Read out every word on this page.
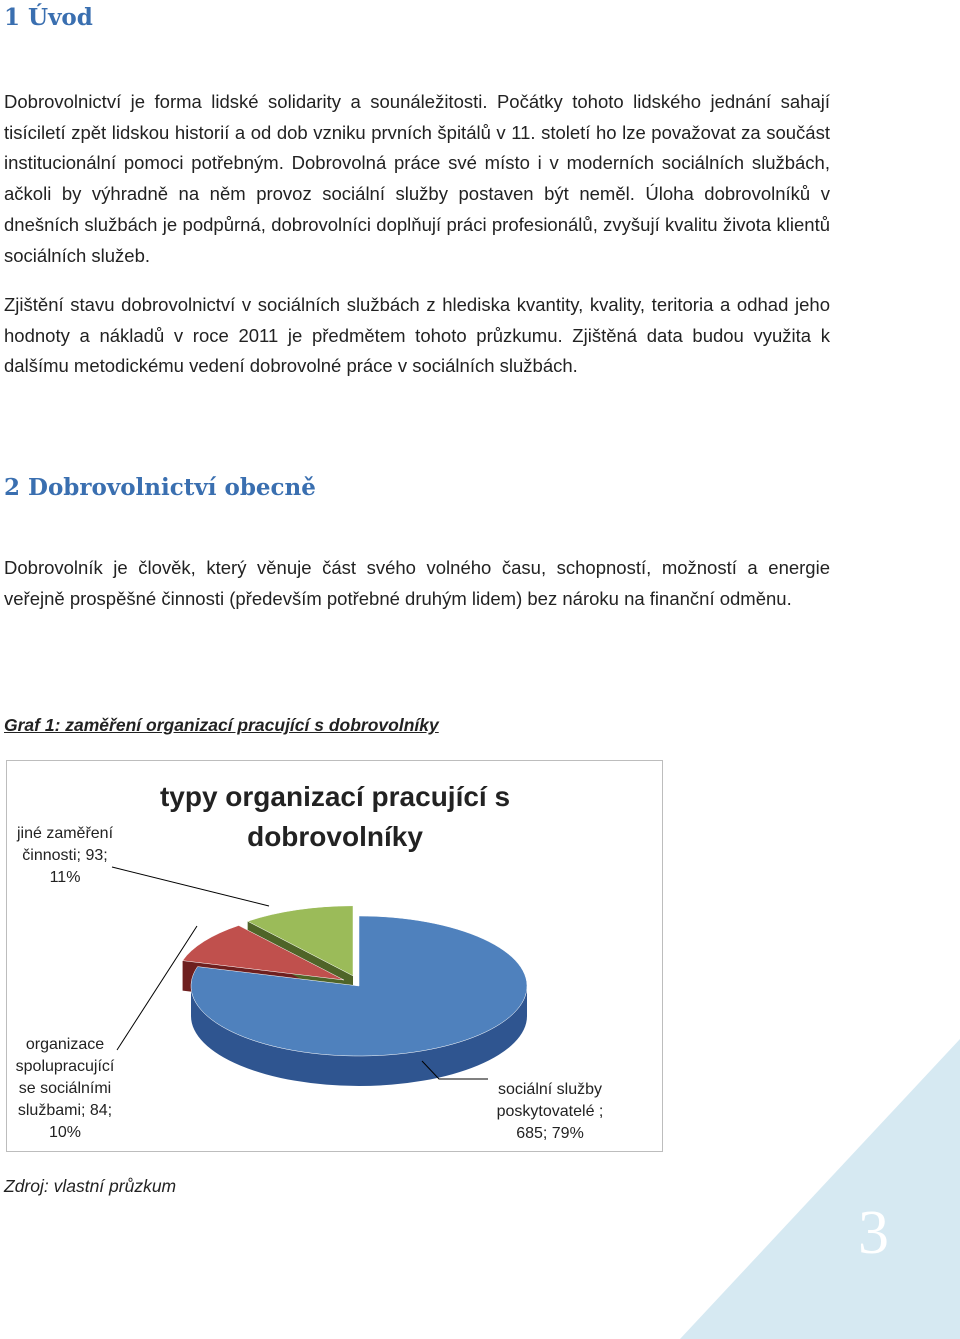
1 Úvod

Dobrovolnictví je forma lidské solidarity a sounáležitosti. Počátky tohoto lidského jednání sahají tisíciletí zpět lidskou historií a od dob vzniku prvních špitálů v 11. století ho lze považovat za součást institucionální pomoci potřebným. Dobrovolná práce své místo i v moderních sociálních službách, ačkoli by výhradně na něm provoz sociální služby postaven být neměl. Úloha dobrovolníků v dnešních službách je podpůrná, dobrovolníci doplňují práci profesionálů, zvyšují kvalitu života klientů sociálních služeb.

Zjištění stavu dobrovolnictví v sociálních službách z hlediska kvantity, kvality, teritoria a odhad jeho hodnoty a nákladů v roce 2011 je předmětem tohoto průzkumu. Zjištěná data budou využita k dalšímu metodickému vedení dobrovolné práce v sociálních službách.

2 Dobrovolnictví obecně

Dobrovolník je člověk, který věnuje část svého volného času, schopností, možností a energie veřejně prospěšné činnosti (především potřebné druhým lidem) bez nároku na finanční odměnu.

Graf 1: zaměření organizací pracující s dobrovolníky

typy organizací pracující s
dobrovolníky
sociální služby
poskytovatelé ;
685; 79%
organizace
spolupracující
se sociálními
službami; 84;
10%
jiné zaměření
činnosti; 93;
11%

Zdroj: vlastní průzkum

3
